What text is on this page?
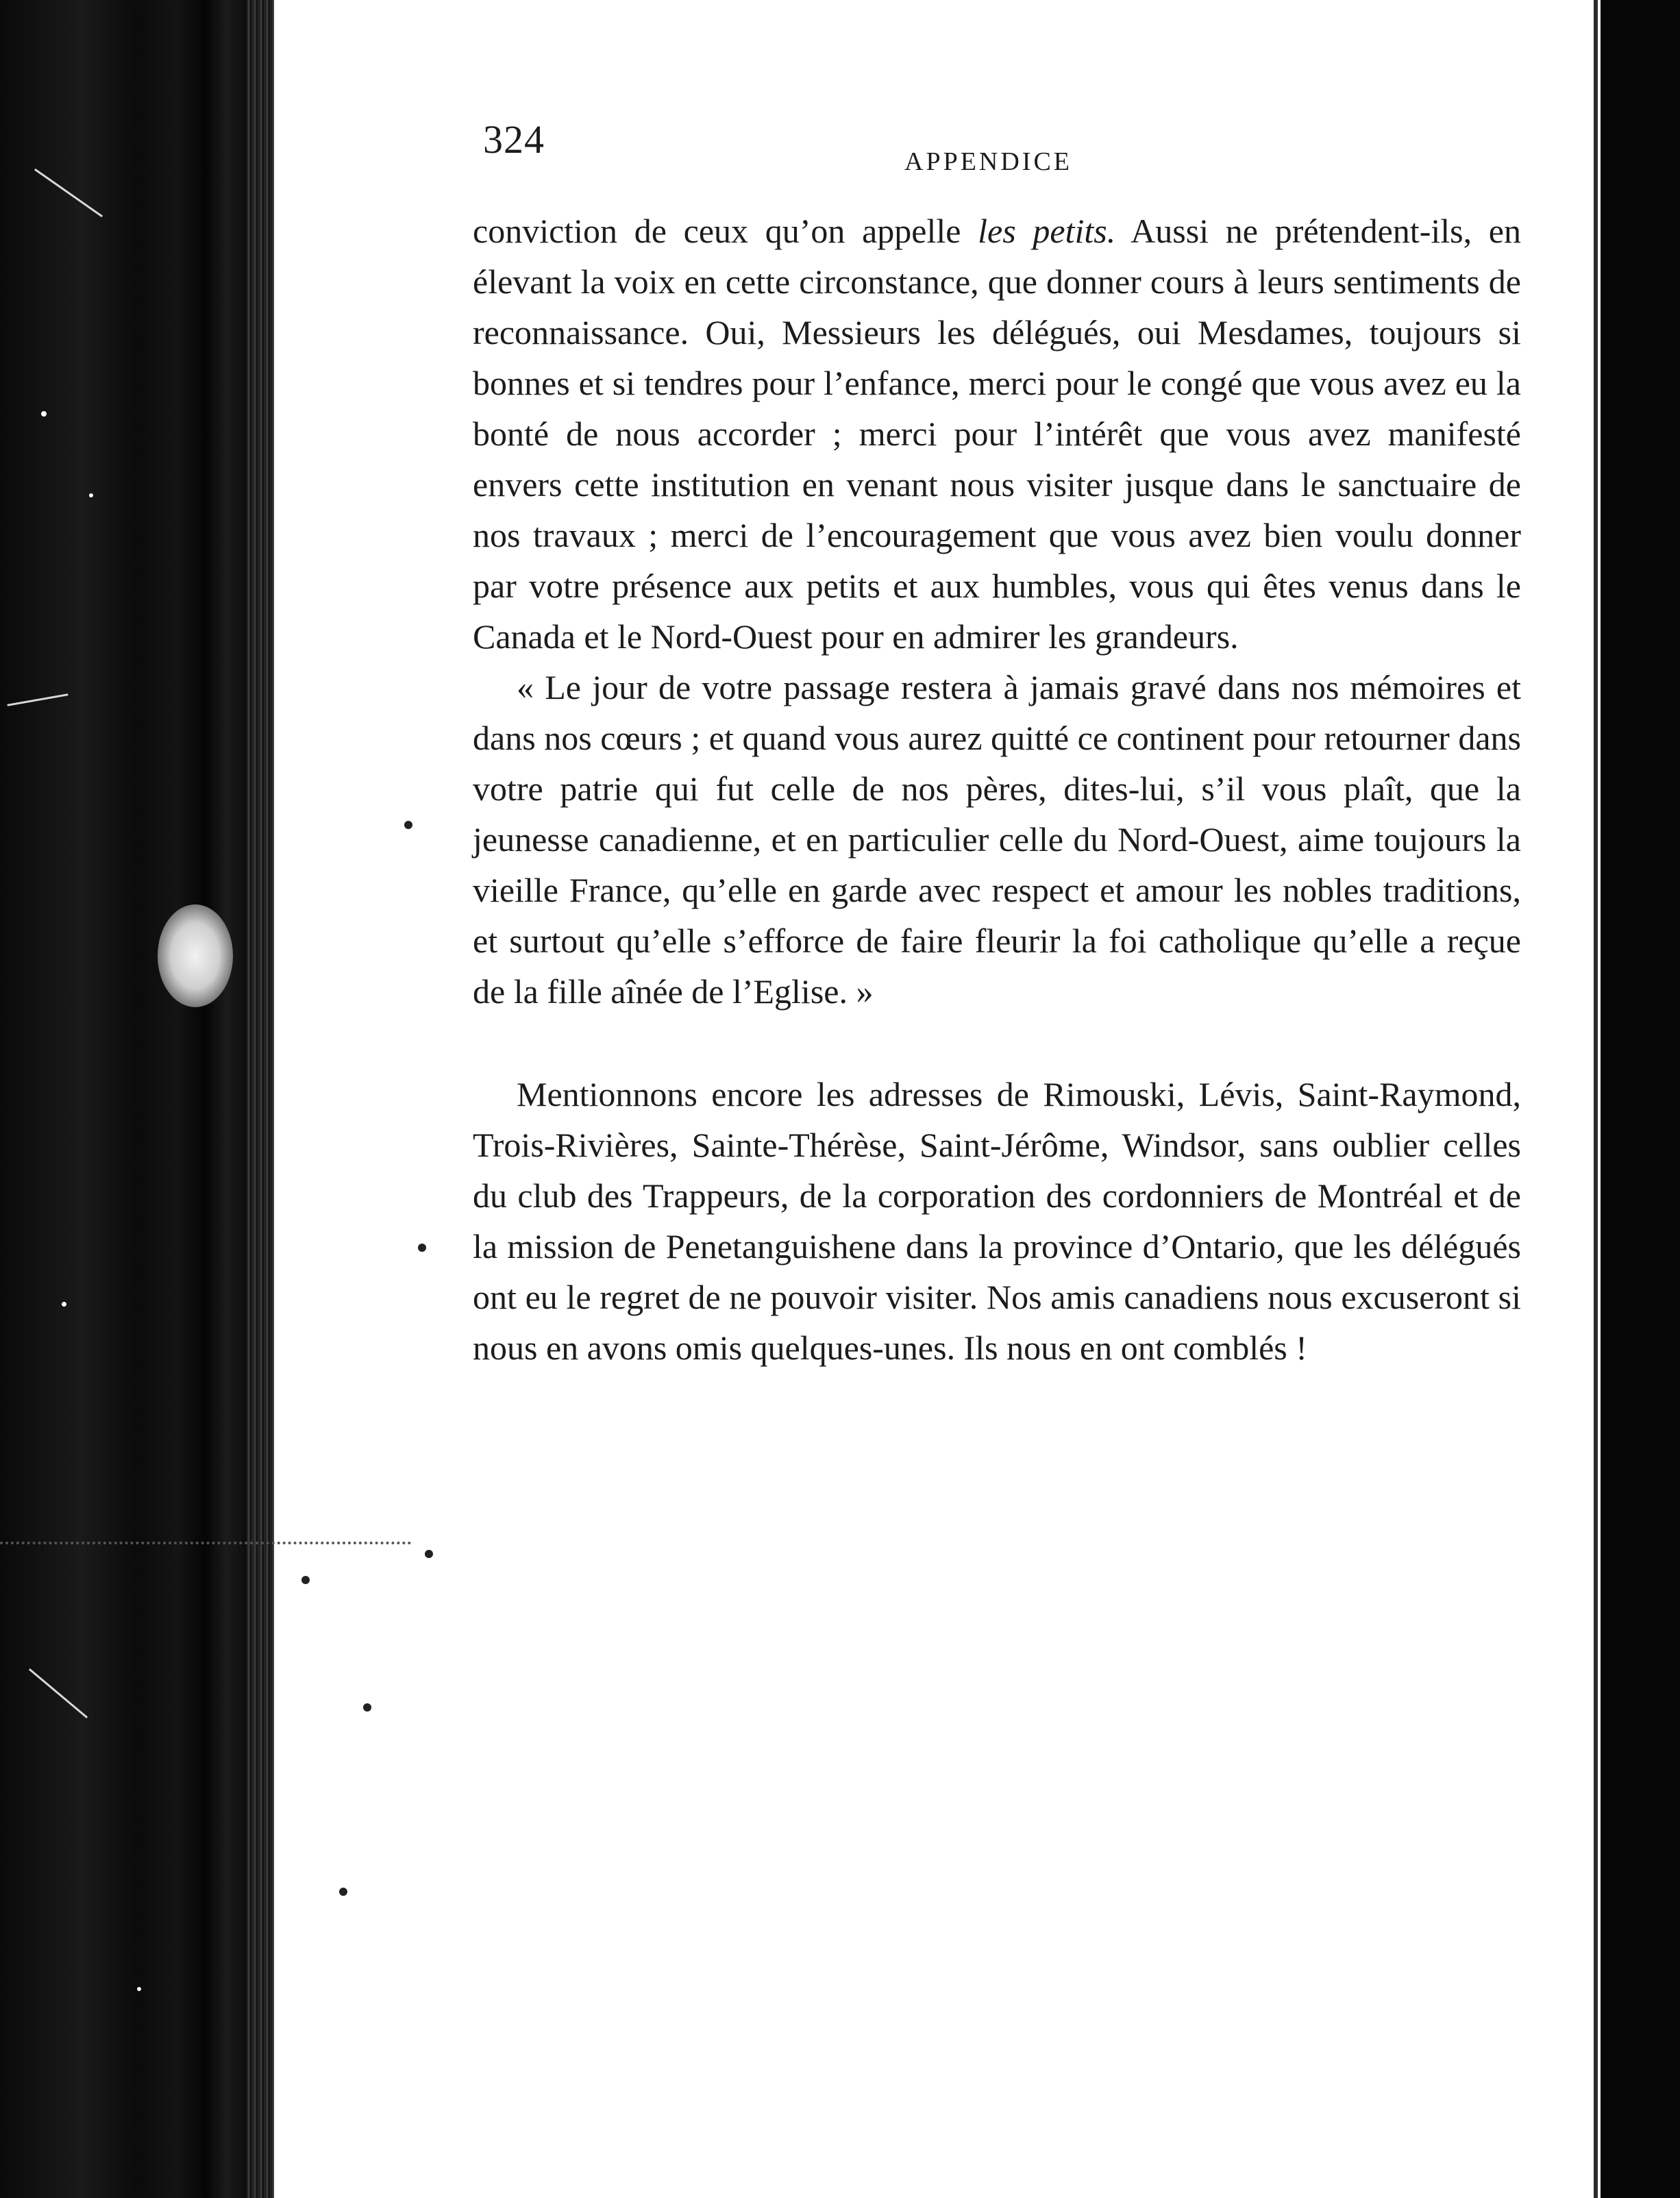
324	APPENDICE

conviction de ceux qu’on appelle les petits. Aussi ne prétendent-ils, en élevant la voix en cette circonstance, que donner cours à leurs sentiments de reconnaissance. Oui, Messieurs les délégués, oui Mesdames, toujours si bonnes et si tendres pour l’enfance, merci pour le congé que vous avez eu la bonté de nous accorder ; merci pour l’intérêt que vous avez manifesté envers cette institution en venant nous visiter jusque dans le sanctuaire de nos travaux ; merci de l’encouragement que vous avez bien voulu donner par votre présence aux petits et aux humbles, vous qui êtes venus dans le Canada et le Nord-Ouest pour en admirer les grandeurs.

« Le jour de votre passage restera à jamais gravé dans nos mémoires et dans nos cœurs ; et quand vous aurez quitté ce continent pour retourner dans votre patrie qui fut celle de nos pères, dites-lui, s’il vous plaît, que la jeunesse canadienne, et en particulier celle du Nord-Ouest, aime toujours la vieille France, qu’elle en garde avec respect et amour les nobles traditions, et surtout qu’elle s’efforce de faire fleurir la foi catholique qu’elle a reçue de la fille aînée de l’Eglise. »

Mentionnons encore les adresses de Rimouski, Lévis, Saint-Raymond, Trois-Rivières, Sainte-Thérèse, Saint-Jérôme, Windsor, sans oublier celles du club des Trappeurs, de la corporation des cordonniers de Montréal et de la mission de Penetanguishene dans la province d’Ontario, que les délégués ont eu le regret de ne pouvoir visiter. Nos amis canadiens nous excuseront si nous en avons omis quelques-unes. Ils nous en ont comblés !
